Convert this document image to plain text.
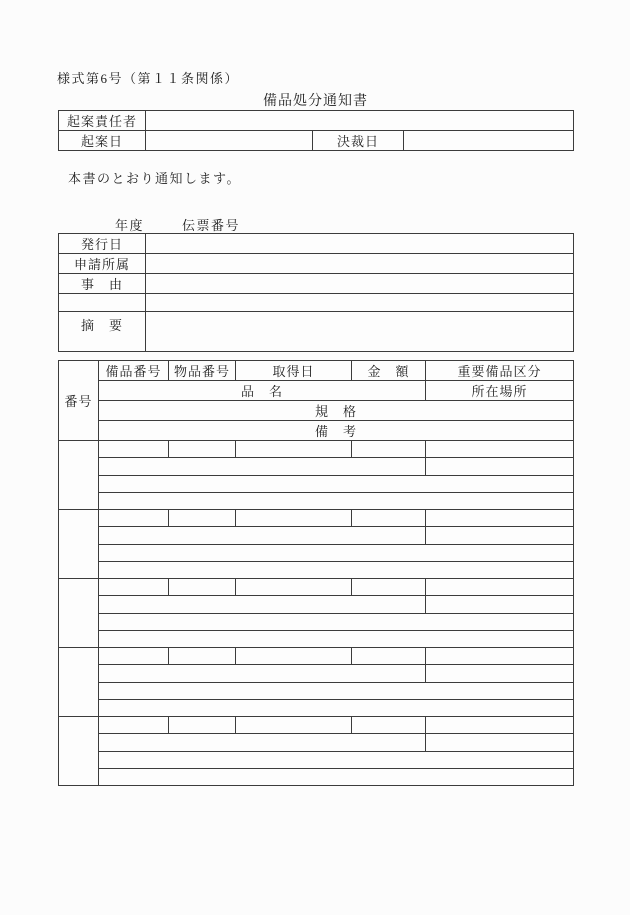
様式第6号（第１１条関係）
備品処分通知書
起案責任者			
起案日		決裁日	
本書のとおり通知します。
年度	伝票番号
発行日	
申請所属	
事　由	

摘　要	
番号	備品番号	物品番号	取得日	金　額	重要備品区分
	品　名				所在場所
	規　格				
	備　考				
